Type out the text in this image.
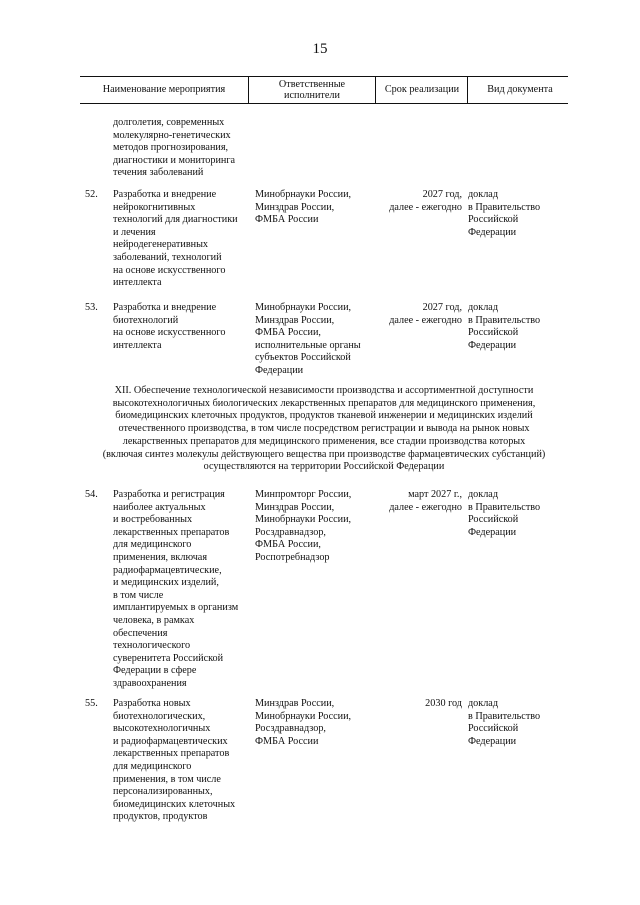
15
Наименование мероприятия
Ответственные
исполнители
Срок реализации	Вид документа
долголетия, современных
молекулярно-генетических
методов прогнозирования,
диагностики и мониторинга
течения заболеваний
52. Разработка и внедрение
нейрокогнитивных
технологий для диагностики
и лечения
нейродегенеративных
заболеваний, технологий
на основе искусственного
интеллекта
Минобрнауки России,
Минздрав России,
ФМБА России
2027 год,
далее - ежегодно
доклад
в Правительство
Российской
Федерации
53. Разработка и внедрение
биотехнологий
на основе искусственного
интеллекта
Минобрнауки России,
Минздрав России,
ФМБА России,
исполнительные органы
субъектов Российской
Федерации
2027 год,
далее - ежегодно
доклад
в Правительство
Российской
Федерации
XII. Обеспечение технологической независимости производства и ассортиментной доступности
высокотехнологичных биологических лекарственных препаратов для медицинского применения,
биомедицинских клеточных продуктов, продуктов тканевой инженерии и медицинских изделий
отечественного производства, в том числе посредством регистрации и вывода на рынок новых
лекарственных препаратов для медицинского применения, все стадии производства которых
(включая синтез молекулы действующего вещества при производстве фармацевтических субстанций)
осуществляются на территории Российской Федерации
54. Разработка и регистрация
наиболее актуальных
и востребованных
лекарственных препаратов
для медицинского
применения, включая
радиофармацевтические,
и медицинских изделий,
в том числе
имплантируемых в организм
человека, в рамках
обеспечения
технологического
суверенитета Российской
Федерации в сфере
здравоохранения
Минпромторг России,
Минздрав России,
Минобрнауки России,
Росздравнадзор,
ФМБА России,
Роспотребнадзор
март 2027 г.,
далее - ежегодно
доклад
в Правительство
Российской
Федерации
55. Разработка новых
биотехнологических,
высокотехнологичных
и радиофармацевтических
лекарственных препаратов
для медицинского
применения, в том числе
персонализированных,
биомедицинских клеточных
продуктов, продуктов
Минздрав России,
Минобрнауки России,
Росздравнадзор,
ФМБА России
2030 год доклад
в Правительство
Российской
Федерации
